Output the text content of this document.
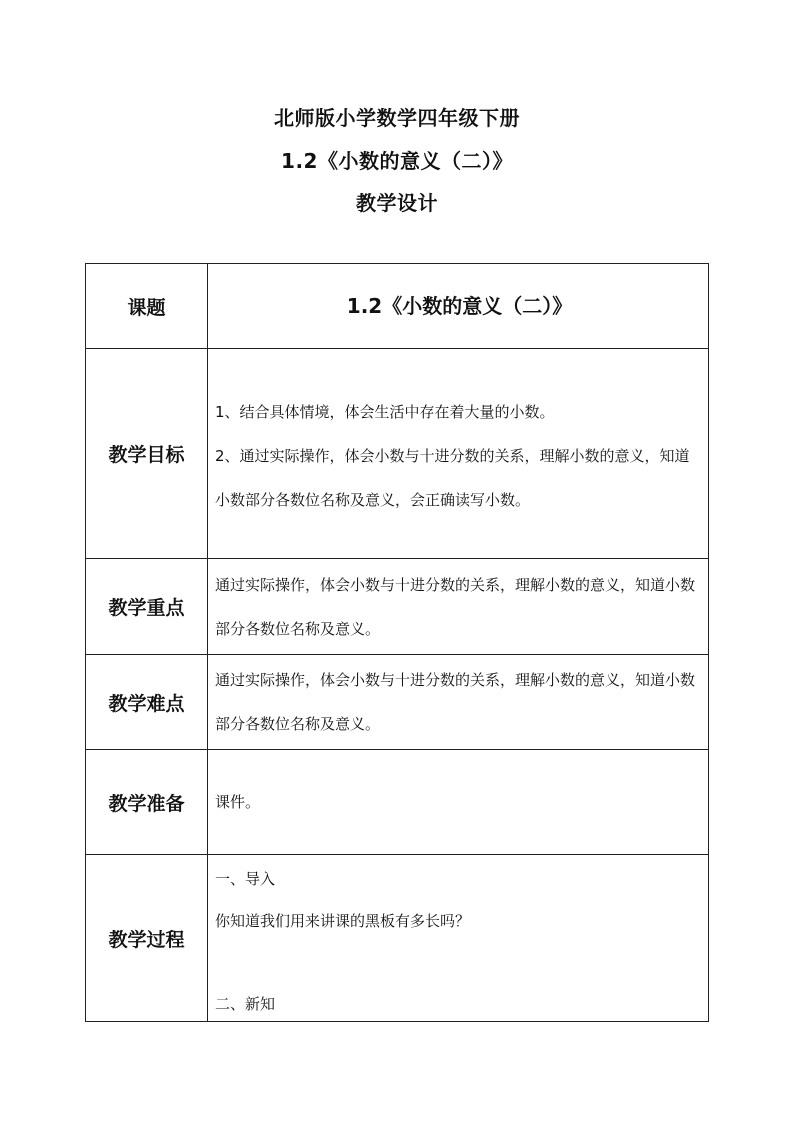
北师版小学数学四年级下册
1.2《小数的意义（二）》
教学设计
课题	1.2《小数的意义（二）》
教学目标	1、结合具体情境，体会生活中存在着大量的小数。
2、通过实际操作，体会小数与十进分数的关系，理解小数的意义，知道小数部分各数位名称及意义，会正确读写小数。

教学重点	通过实际操作，体会小数与十进分数的关系，理解小数的意义，知道小数部分各数位名称及意义。
教学难点	通过实际操作，体会小数与十进分数的关系，理解小数的意义，知道小数部分各数位名称及意义。
教学准备	课件。
教学过程	一、导入
你知道我们用来讲课的黑板有多长吗？
二、新知
